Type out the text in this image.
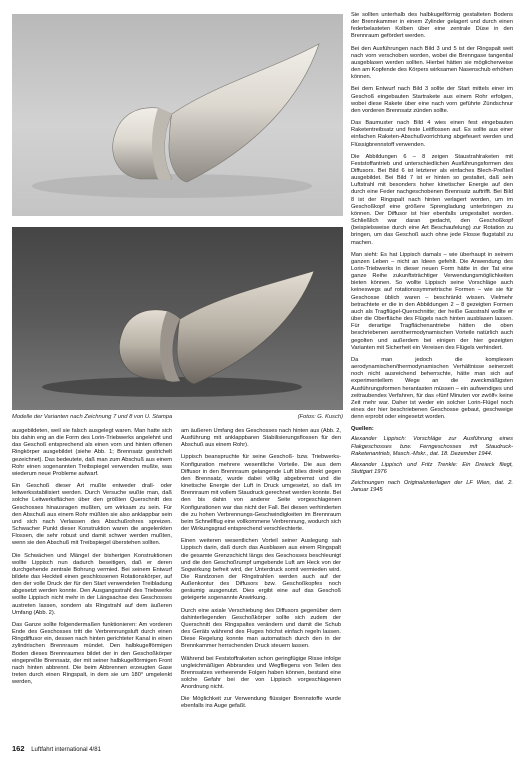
Modelle der Varianten nach Zeichnung 7 und 8 von U. Stampa	(Fotos: G. Kusch)

ausgebildeten, weil sie falsch ausgelegt waren. Man hatte sich bis dahin eng an die Form des Lorin-Triebwerks angelehnt und das Geschoß entsprechend als einen vorn und hinten offenen Ringkörper ausgebildet (siehe Abb. 1; Brennsatz gestrichelt gezeichnet). Das bedeutete, daß man zum Abschuß aus einem Rohr einen sogenannten Treibspiegel verwenden mußte, was wiederum neue Probleme aufwarf.

Ein Geschoß dieser Art mußte entweder drall- oder leitwerksstabilisiert werden. Durch Versuche wußte man, daß solche Leitwerksflächen über den größten Querschnitt des Geschosses hinausragen mußten, um wirksam zu sein. Für den Abschuß aus einem Rohr müßten sie also anklappbar sein und sich nach Verlassen des Abschußrohres spreizen. Schwacher Punkt dieser Konstruktion waren die angelenkten Flossen, die sehr robust und damit schwer werden mußten, wenn sie den Abschuß mit Treibspiegel überstehen sollten.

Die Schwächen und Mängel der bisherigen Konstruktionen wollte Lippisch nun dadurch beseitigen, daß er deren durchgehende zentrale Bohrung vermied. Bei seinem Entwurf bildete das Heckteil einen geschlossenen Rotationskörper, auf den der volle Druck der für den Start verwendeten Treibladung abgesetzt werden konnte. Den Ausgangsstrahl des Triebwerks wollte Lippisch nicht mehr in der Längsachse des Geschosses austreten lassen, sondern als Ringstrahl auf dem äußeren Umfang (Abb. 2).

Das Ganze sollte folgendermaßen funktionieren: Am vorderen Ende des Geschosses tritt die Verbrennungsluft durch einen Ringdiffusor ein, dessen nach hinten gerichteter Kanal in einen zylindrischen Brennraum mündet. Den halbkugelförmigen Boden dieses Brennraumes bildet der in den Geschoßkörper eingepreßte Brennsatz, der mit seiner halbkugelförmigen Front nach hinten abbrennt. Die beim Abbrennen erzeugten Gase treten durch einen Ringspalt, in dem sie um 180° umgelenkt werden,

am äußeren Umfang des Geschosses nach hinten aus (Abb. 2, Ausführung mit anklappbaren Stabilisierungsflossen für den Abschuß aus einem Rohr).

Lippisch beanspruchte für seine Geschoß- bzw. Triebwerks-Konfiguration mehrere wesentliche Vorteile. Die aus dem Diffusor in den Brennraum gelangende Luft blies direkt gegen den Brennsatz, wurde dabei völlig abgebremst und die kinetische Energie der Luft in Druck umgesetzt, so daß im Brennraum mit vollem Staudruck gerechnet werden konnte. Bei den bis dahin von anderer Seite vorgeschlagenen Konfigurationen war das nicht der Fall. Bei diesen verhinderten die zu hohen Verbrennungs-Geschwindigkeiten im Brennraum beim Schnellflug eine vollkommene Verbrennung, wodurch sich der Wirkungsgrad entsprechend verschlechterte.

Einen weiteren wesentlichen Vorteil seiner Auslegung sah Lippisch darin, daß durch das Ausblasen aus einem Ringspalt die gesamte Grenzschicht längs des Geschosses beschleunigt und die den Geschoßrumpf umgebende Luft am Heck von der Sogwirkung befreit wird, der Unterdruck somit vermieden wird. Die Randzonen der Ringstrahlen werden auch auf der Außenkontur des Diffusors bzw. Geschoßkopfes noch geräumig ausgenutzt. Dies ergibt eine auf das Geschoß geteigerte sogenannte Anwirkung.

Durch eine axiale Verschiebung des Diffusors gegenüber dem dahinterliegenden Geschoßkörper sollte sich zudem der Querschnitt des Ringspaltes verändern und damit die Schub des Geräts während des Fluges höchst einfach regeln lassen. Diese Regelung konnte man automatisch durch den in der Brennkammer herrschenden Druck steuern lassen.

Während bei Feststoffraketen schon geringfügige Risse infolge ungleichmäßigen Abbrandes und Wegfliegens von Teilen des Brennsatzes verheerende Folgen haben können, bestand eine solche Gefahr bei der von Lippisch vorgeschlagenen Anordnung nicht.

Die Möglichkeit zur Verwendung flüssiger Brennstoffe wurde ebenfalls ins Auge gefaßt.

Sie sollten unterhalb des halbkugelförmig gestalteten Bodens der Brennkammer in einem Zylinder gelagert und durch einen federbelasteten Kolben über eine zentrale Düse in den Brennraum gefördert werden.

Bei den Ausführungen nach Bild 3 und 5 ist der Ringspalt weit nach vorn verschoben worden, wobei die Brenngase tangential ausgeblasen werden sollten. Hierbei hätten sie möglicherweise den am Kopfende des Körpers wirksamen Nasenschub erhöhen können.

Bei dem Entwurf nach Bild 3 sollte der Start mittels einer im Geschoß eingebauten Startrakete aus einem Rohr erfolgen, wobei diese Rakete über eine nach vorn geführte Zündschnur den vorderen Brennsatz zünden sollte.

Das Baumuster nach Bild 4 wies einen fest eingebauten Raketentreibsatz und feste Leitflossen auf. Es sollte aus einer einfachen Raketen-Abschußvorrichtung abgefeuert werden und Flüssigbrennstoff verwenden.

Die Abbildungen 6 – 8 zeigen Staustrahlraketen mit Feststoffantrieb und unterschiedlichen Ausführungsformen des Diffusors. Bei Bild 6 ist letzterer als einfaches Blech-Preßteil ausgebildet. Bei Bild 7 ist er hinten so gestaltet, daß sein Luftstrahl mit besonders hoher kinetischer Energie auf den durch eine Feder nachgeschobenen Brennsatz auftrifft. Bei Bild 8 ist der Ringspalt nach hinten verlagert worden, um im Geschoßkopf eine größere Sprengladung unterbringen zu können. Der Diffusor ist hier ebenfalls umgestaltet worden. Schließlich war daran gedacht, den Geschoßkopf (beispielsweise durch eine Art Beschaufelung) zur Rotation zu bringen, um das Geschoß auch ohne jede Flosse flugstabil zu machen.

Man sieht: Es hat Lippisch damals – wie überhaupt in seinem ganzen Leben – nicht an Ideen gefehlt. Die Anwendung des Lorin-Triebwerks in dieser neuen Form hätte in der Tat eine ganze Reihe zukunftsträchtiger Verwendungsmöglichkeiten bieten können. So wollte Lippisch seine Vorschläge auch keineswegs auf rotationssymmetrische Formen – wie sie für Geschosse üblich waren – beschränkt wissen. Vielmehr betrachtete er die in den Abbildungen 2 – 8 gezeigten Formen auch als Tragflügel-Querschnitte; der heiße Gasstrahl wollte er über die Oberfläche des Flügels nach hinten ausblasen lassen. Für derartige Tragflächenantriebe hätten die oben beschriebenen aerothermodynamischen Vorteile natürlich auch gegolten und außerdem bei einigen der hier gezeigten Varianten mit Sicherheit ein Vereisen des Flügels verhindert.

Da man jedoch die komplexen aerodynamischen/thermodynamischen Verhältnisse seinerzeit noch nicht ausreichend beherrschte, hätte man sich auf experimentellem Wege an die zweckmäßigsten Ausführungsformen herantasten müssen – ein aufwendiges und zeitraubendes Verfahren, für das »fünf Minuten vor zwölf« keine Zeit mehr war. Daher ist weder ein solcher Lorin-Flügel noch eines der hier beschriebenen Geschosse gebaut, geschweige denn erprobt oder eingesetzt worden.

Quellen:
Alexander Lippisch: Vorschläge zur Ausführung eines Flakgeschosses bzw. Ferngeschosses mit Staudruck-Raketenantrieb, Masch.-Mskr., dat. 18. Dezember 1944.
Alexander Lippisch und Fritz Trenkle: Ein Dreieck fliegt, Stuttgart 1976
Zeichnungen nach Originalunterlagen der LF Wien, dat. 2. Januar 1945
162 Luftfahrt international 4/81
